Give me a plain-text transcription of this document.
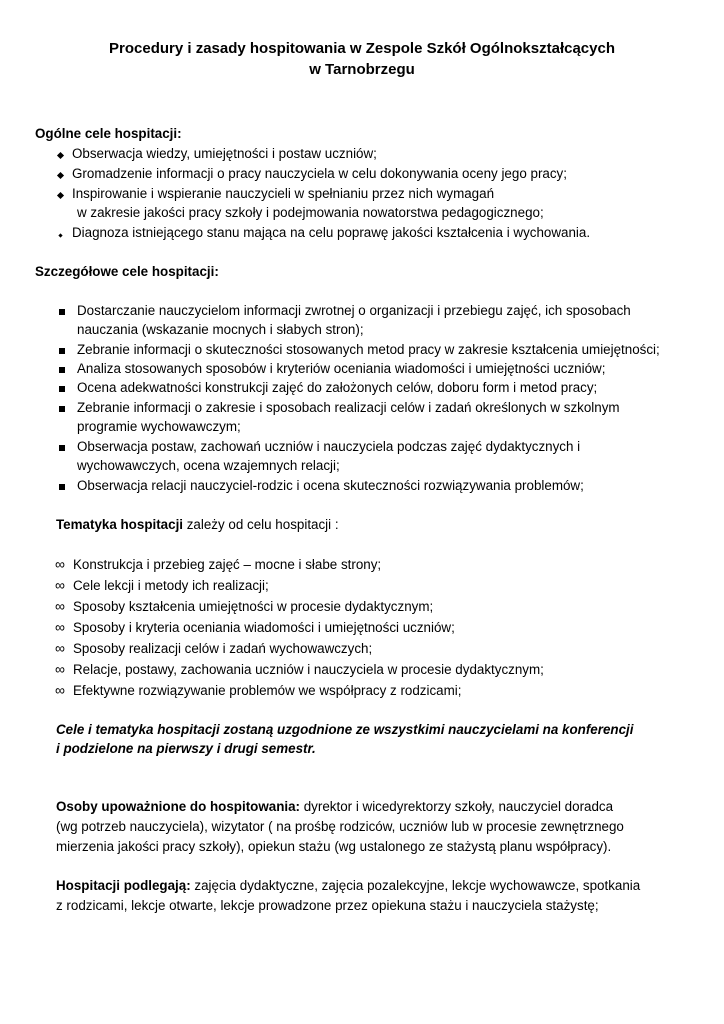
Procedury i zasady hospitowania w Zespole Szkół Ogólnokształcących
w Tarnobrzegu
Ogólne cele hospitacji:
Obserwacja wiedzy, umiejętności i postaw uczniów;
Gromadzenie informacji o pracy nauczyciela w celu dokonywania oceny jego pracy;
Inspirowanie i wspieranie nauczycieli w spełnianiu przez nich wymagań
w zakresie jakości pracy szkoły i podejmowania nowatorstwa pedagogicznego;
Diagnoza istniejącego stanu mająca na celu poprawę jakości kształcenia i wychowania.
Szczegółowe cele hospitacji:
Dostarczanie nauczycielom informacji zwrotnej o organizacji i przebiegu zajęć, ich sposobach
nauczania (wskazanie mocnych i słabych stron);
Zebranie informacji o skuteczności stosowanych metod pracy w zakresie kształcenia umiejętności;
Analiza stosowanych sposobów i kryteriów oceniania wiadomości i umiejętności uczniów;
Ocena adekwatności konstrukcji zajęć do założonych celów, doboru form i metod pracy;
Zebranie informacji o zakresie i sposobach realizacji celów i zadań określonych w szkolnym
programie wychowawczym;
Obserwacja postaw, zachowań uczniów i nauczyciela podczas zajęć dydaktycznych i
wychowawczych, ocena wzajemnych relacji;
Obserwacja relacji nauczyciel-rodzic i ocena skuteczności rozwiązywania problemów;
Tematyka hospitacji zależy od celu hospitacji :
∞ Konstrukcja i przebieg zajęć – mocne i słabe strony;
∞ Cele lekcji i metody ich realizacji;
∞ Sposoby kształcenia umiejętności w procesie dydaktycznym;
∞ Sposoby i kryteria oceniania wiadomości i umiejętności uczniów;
∞ Sposoby realizacji celów i zadań wychowawczych;
∞ Relacje, postawy, zachowania uczniów i nauczyciela w procesie dydaktycznym;
∞ Efektywne rozwiązywanie problemów we współpracy z rodzicami;
Cele i tematyka hospitacji zostaną uzgodnione ze wszystkimi nauczycielami na konferencji
i podzielone na pierwszy i drugi semestr.
Osoby upoważnione do hospitowania: dyrektor i wicedyrektorzy szkoły, nauczyciel doradca
(wg potrzeb nauczyciela), wizytator ( na prośbę rodziców, uczniów lub w procesie zewnętrznego
mierzenia jakości pracy szkoły), opiekun stażu (wg ustalonego ze stażystą planu współpracy).
Hospitacji podlegają: zajęcia dydaktyczne, zajęcia pozalekcyjne, lekcje wychowawcze, spotkania
z rodzicami, lekcje otwarte, lekcje prowadzone przez opiekuna stażu i nauczyciela stażystę;
